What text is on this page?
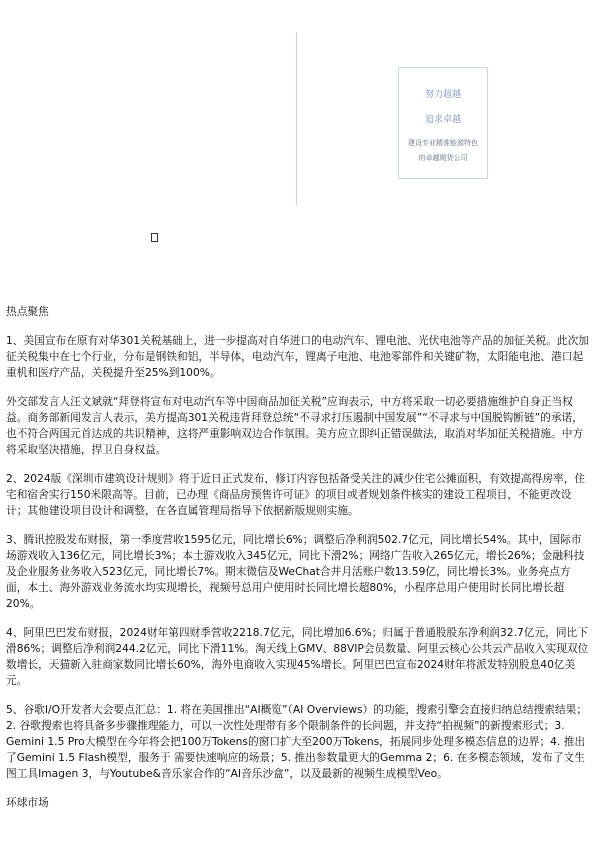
努力超越
追求卓越
建设专业精准能源特色的卓越期货公司

热点聚焦

1、美国宣布在原有对华301关税基础上，进一步提高对自华进口的电动汽车、锂电池、光伏电池等产品的加征关税。此次加征关税集中在七个行业，分布是钢铁和铝，半导体，电动汽车，锂离子电池、电池零部件和关键矿物，太阳能电池、港口起重机和医疗产品，关税提升至25%到100%。

外交部发言人汪文斌就“拜登将宣布对电动汽车等中国商品加征关税”应询表示，中方将采取一切必要措施维护自身正当权益。商务部新闻发言人表示，美方提高301关税违背拜登总统“不寻求打压遏制中国发展”“不寻求与中国脱钩断链”的承诺，也不符合两国元首达成的共识精神，这将严重影响双边合作氛围。美方应立即纠正错误做法，取消对华加征关税措施。中方将采取坚决措施，捍卫自身权益。

2、2024版《深圳市建筑设计规则》将于近日正式发布，修订内容包括备受关注的减少住宅公摊面积，有效提高得房率，住宅和宿舍实行150米限高等。目前，已办理《商品房预售许可证》的项目或者规划条件核实的建设工程项目，不能更改设计；其他建设项目设计和调整，在各直属管理局指导下依据新版规则实施。

3、腾讯控股发布财报，第一季度营收1595亿元，同比增长6%；调整后净利润502.7亿元，同比增长54%。其中，国际市场游戏收入136亿元，同比增长3%；本土游戏收入345亿元，同比下滑2%；网络广告收入265亿元，增长26%；金融科技及企业服务业务收入523亿元，同比增长7%。期末微信及WeChat合并月活账户数13.59亿，同比增长3%。业务亮点方面，本土、海外游戏业务流水均实现增长，视频号总用户使用时长同比增长超80%，小程序总用户使用时长同比增长超20%。

4、阿里巴巴发布财报，2024财年第四财季营收2218.7亿元，同比增加6.6%；归属于普通股股东净利润32.7亿元，同比下滑86%；调整后净利润244.2亿元，同比下滑11%。淘天线上GMV、88VIP会员数量、阿里云核心公共云产品收入实现双位数增长，天猫新入驻商家数同比增长60%，海外电商收入实现45%增长。阿里巴巴宣布2024财年将派发特别股息40亿美元。

5、谷歌I/O开发者大会要点汇总：1. 将在美国推出“AI概览”（AI Overviews）的功能，搜索引擎会直接归纳总结搜索结果；2. 谷歌搜索也将具备多步骤推理能力，可以一次性处理带有多个限制条件的长问题，并支持“拍视频”的新搜索形式；3. Gemini 1.5 Pro大模型在今年将会把100万Tokens的窗口扩大至200万Tokens，拓展同步处理多模态信息的边界；4. 推出了Gemini 1.5 Flash模型，服务于 需要快速响应的场景；5. 推出参数量更大的Gemma 2；6. 在多模态领域，发布了文生图工具Imagen 3，与Youtube&音乐家合作的“AI音乐沙盒”，以及最新的视频生成模型Veo。

环球市场
